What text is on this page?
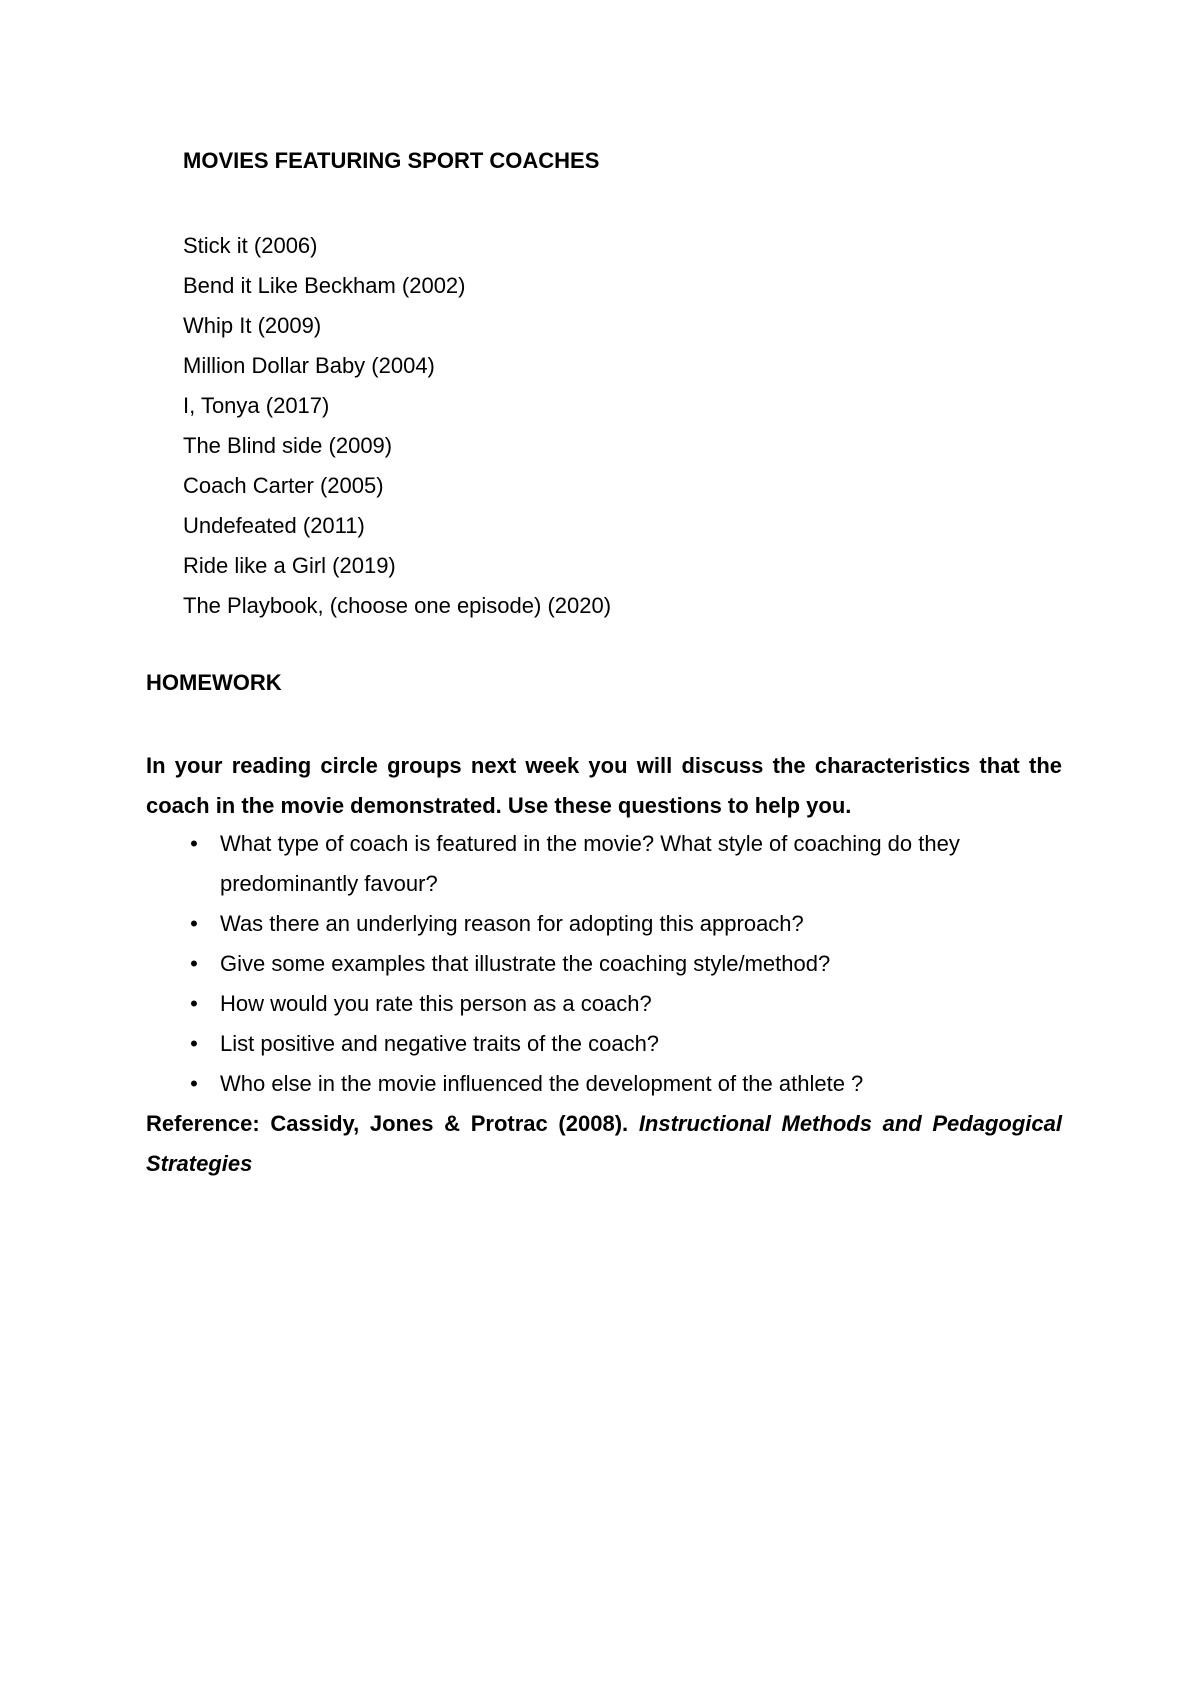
MOVIES FEATURING SPORT COACHES
Stick it (2006)
Bend it Like Beckham (2002)
Whip It (2009)
Million Dollar Baby (2004)
I, Tonya (2017)
The Blind side (2009)
Coach Carter (2005)
Undefeated (2011)
Ride like a Girl (2019)
The Playbook, (choose one episode) (2020)
HOMEWORK
In your reading circle groups next week you will discuss the characteristics that the coach in the movie demonstrated. Use these questions to help you.
• What type of coach is featured in the movie? What style of coaching do they predominantly favour?
• Was there an underlying reason for adopting this approach?
• Give some examples that illustrate the coaching style/method?
• How would you rate this person as a coach?
• List positive and negative traits of the coach?
• Who else in the movie influenced the development of the athlete ?
Reference: Cassidy, Jones & Protrac (2008). Instructional Methods and Pedagogical Strategies
